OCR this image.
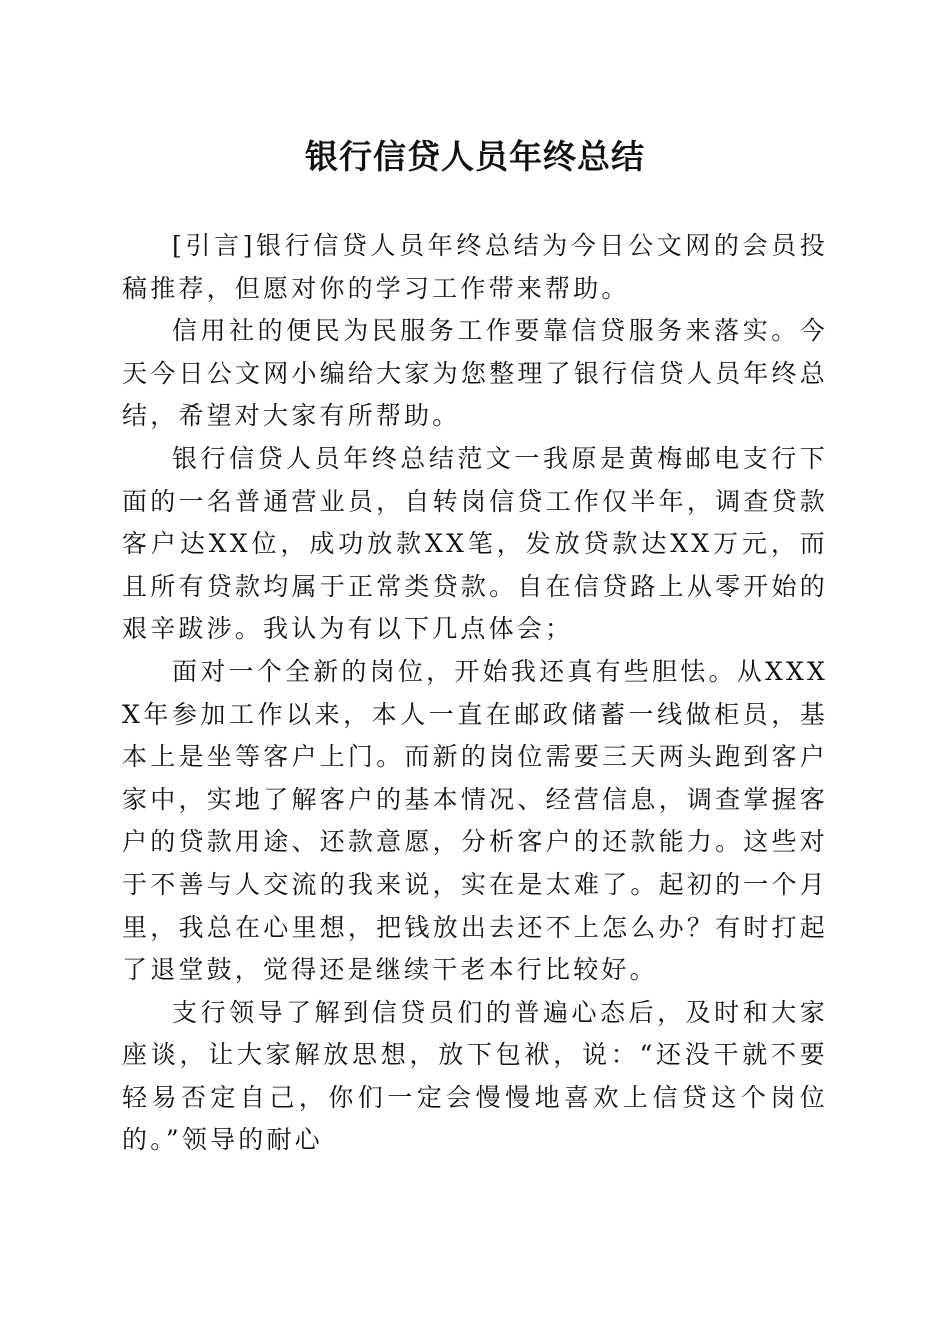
银行信贷人员年终总结

[引言]银行信贷人员年终总结为今日公文网的会员投稿推荐，但愿对你的学习工作带来帮助。

信用社的便民为民服务工作要靠信贷服务来落实。今天今日公文网小编给大家为您整理了银行信贷人员年终总结，希望对大家有所帮助。

银行信贷人员年终总结范文一我原是黄梅邮电支行下面的一名普通营业员，自转岗信贷工作仅半年，调查贷款客户达XX位，成功放款XX笔，发放贷款达XX万元，而且所有贷款均属于正常类贷款。自在信贷路上从零开始的艰辛跋涉。我认为有以下几点体会；

面对一个全新的岗位，开始我还真有些胆怯。从XXXX年参加工作以来，本人一直在邮政储蓄一线做柜员，基本上是坐等客户上门。而新的岗位需要三天两头跑到客户家中，实地了解客户的基本情况、经营信息，调查掌握客户的贷款用途、还款意愿，分析客户的还款能力。这些对于不善与人交流的我来说，实在是太难了。起初的一个月里，我总在心里想，把钱放出去还不上怎么办？有时打起了退堂鼓，觉得还是继续干老本行比较好。

支行领导了解到信贷员们的普遍心态后，及时和大家座谈，让大家解放思想，放下包袱，说：“还没干就不要轻易否定自己，你们一定会慢慢地喜欢上信贷这个岗位的。”领导的耐心
